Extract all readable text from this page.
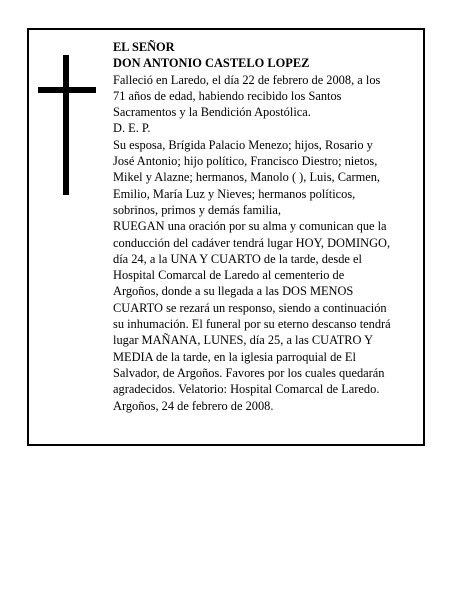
EL SEÑOR
DON ANTONIO CASTELO LOPEZ
Falleció en Laredo, el día 22 de febrero de 2008, a los
71 años de edad, habiendo recibido los Santos
Sacramentos y la Bendición Apostólica.
D. E. P.
Su esposa, Brígida Palacio Menezo; hijos, Rosario y
José Antonio; hijo político, Francisco Diestro; nietos,
Mikel y Alazne; hermanos, Manolo ( ), Luis, Carmen,
Emilio, María Luz y Nieves; hermanos políticos,
sobrinos, primos y demás familia,
RUEGAN una oración por su alma y comunican que la
conducción del cadáver tendrá lugar HOY, DOMINGO,
día 24, a la UNA Y CUARTO de la tarde, desde el
Hospital Comarcal de Laredo al cementerio de
Argoños, donde a su llegada a las DOS MENOS
CUARTO se rezará un responso, siendo a continuación
su inhumación. El funeral por su eterno descanso tendrá
lugar MAÑANA, LUNES, día 25, a las CUATRO Y
MEDIA de la tarde, en la iglesia parroquial de El
Salvador, de Argoños. Favores por los cuales quedarán
agradecidos. Velatorio: Hospital Comarcal de Laredo.
Argoños, 24 de febrero de 2008.
